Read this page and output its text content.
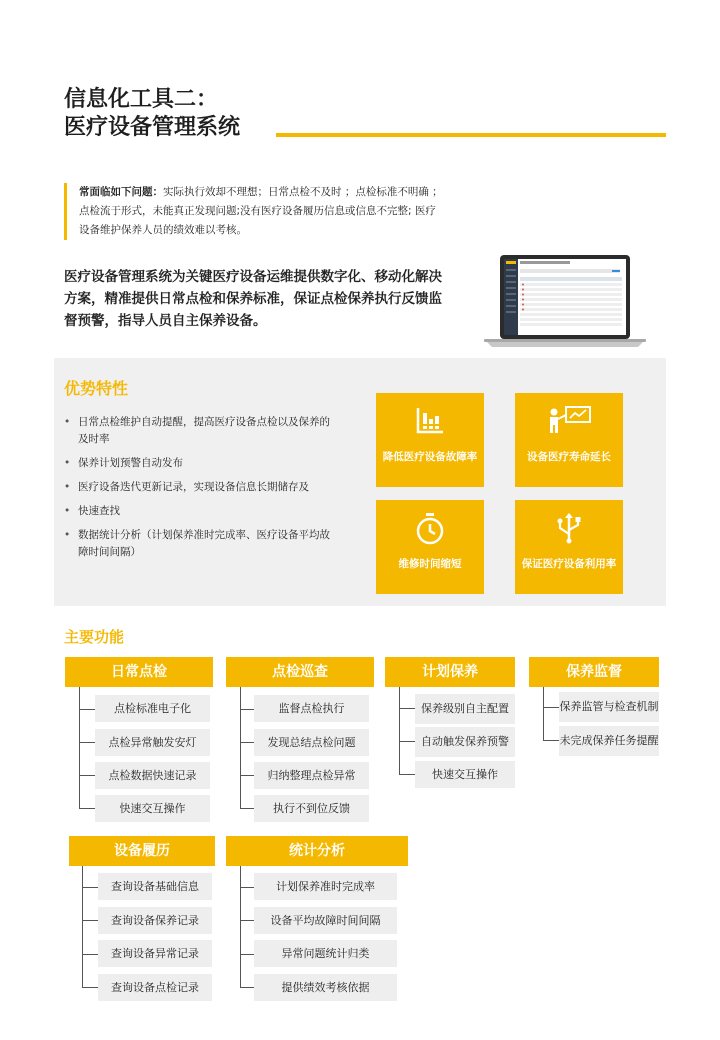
信息化工具二：
医疗设备管理系统
常面临如下问题：实际执行效却不理想；日常点检不及时 ；点检标准不明确 ；点检流于形式，未能真正发现问题;没有医疗设备履历信息或信息不完整; 医疗设备维护保养人员的绩效难以考核。
医疗设备管理系统为关键医疗设备运维提供数字化、移动化解决方案，精准提供日常点检和保养标准，保证点检保养执行反馈监督预警，指导人员自主保养设备。
优势特性
• 日常点检维护自动提醒，提高医疗设备点检以及保养的及时率
• 保养计划预警自动发布
• 医疗设备迭代更新记录，实现设备信息长期储存及
• 快速查找
• 数据统计分析（计划保养准时完成率、医疗设备平均故障时间间隔）
降低医疗设备故障率	设备医疗寿命延长
维修时间缩短	保证医疗设备利用率
主要功能
日常点检
点检标准电子化
点检异常触发安灯
点检数据快速记录
快速交互操作
点检巡查
监督点检执行
发现总结点检问题
归纳整理点检异常
执行不到位反馈
计划保养
保养级别自主配置
自动触发保养预警
快速交互操作
保养监督
保养监管与检查机制
未完成保养任务提醒
设备履历
查询设备基础信息
查询设备保养记录
查询设备异常记录
查询设备点检记录
统计分析
计划保养准时完成率
设备平均故障时间间隔
异常问题统计归类
提供绩效考核依据
